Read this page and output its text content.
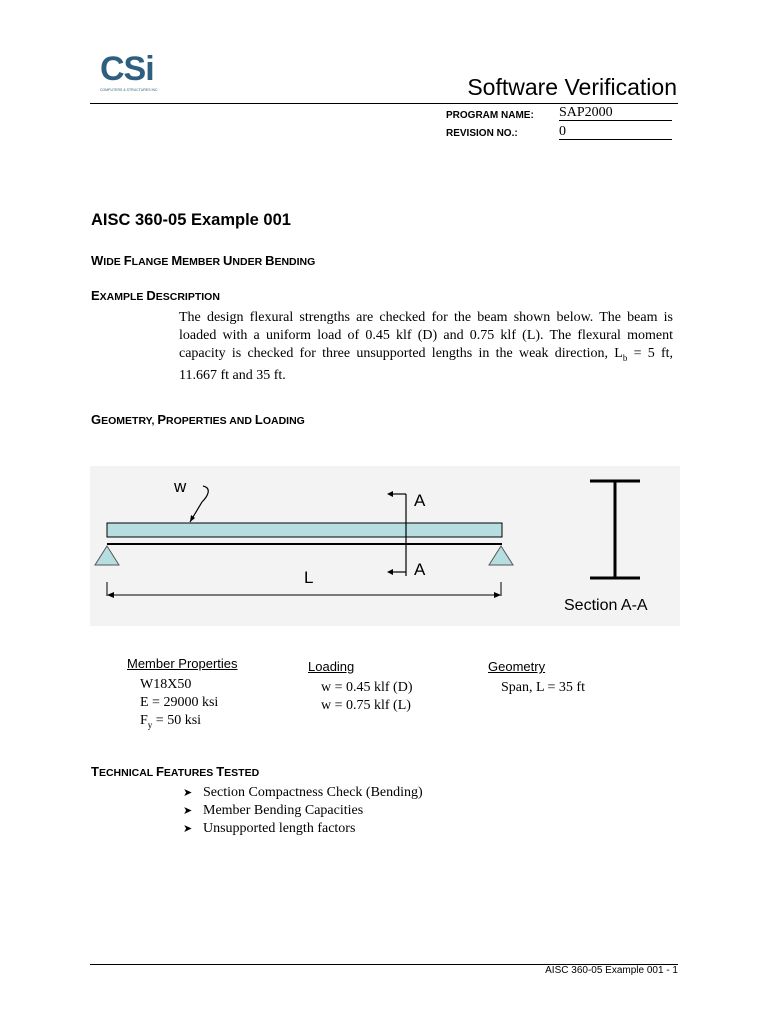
CSi
COMPUTERS & STRUCTURES INC.	Software Verification
PROGRAM NAME: SAP2000
REVISION NO.:	0
AISC 360-05 Example 001
WIDE FLANGE MEMBER UNDER BENDING
EXAMPLE DESCRIPTION
The design flexural strengths are checked for the beam shown below. The beam is loaded with a uniform load of 0.45 klf (D) and 0.75 klf (L). The flexural moment capacity is checked for three unsupported lengths in the weak direction, $L_b = 5$ ft, 11.667 ft and 35 ft.
GEOMETRY, PROPERTIES AND LOADING
w
A
A
L
Section A-A
Member Properties
W18X50
E = 29000 ksi
$F_y = 50$ ksi
Loading
w = 0.45 klf (D)
w = 0.75 klf (L)
Geometry
Span, L = 35 ft
TECHNICAL FEATURES TESTED
➤ Section Compactness Check (Bending)
➤ Member Bending Capacities
➤ Unsupported length factors
AISC 360-05 Example 001 - 1
